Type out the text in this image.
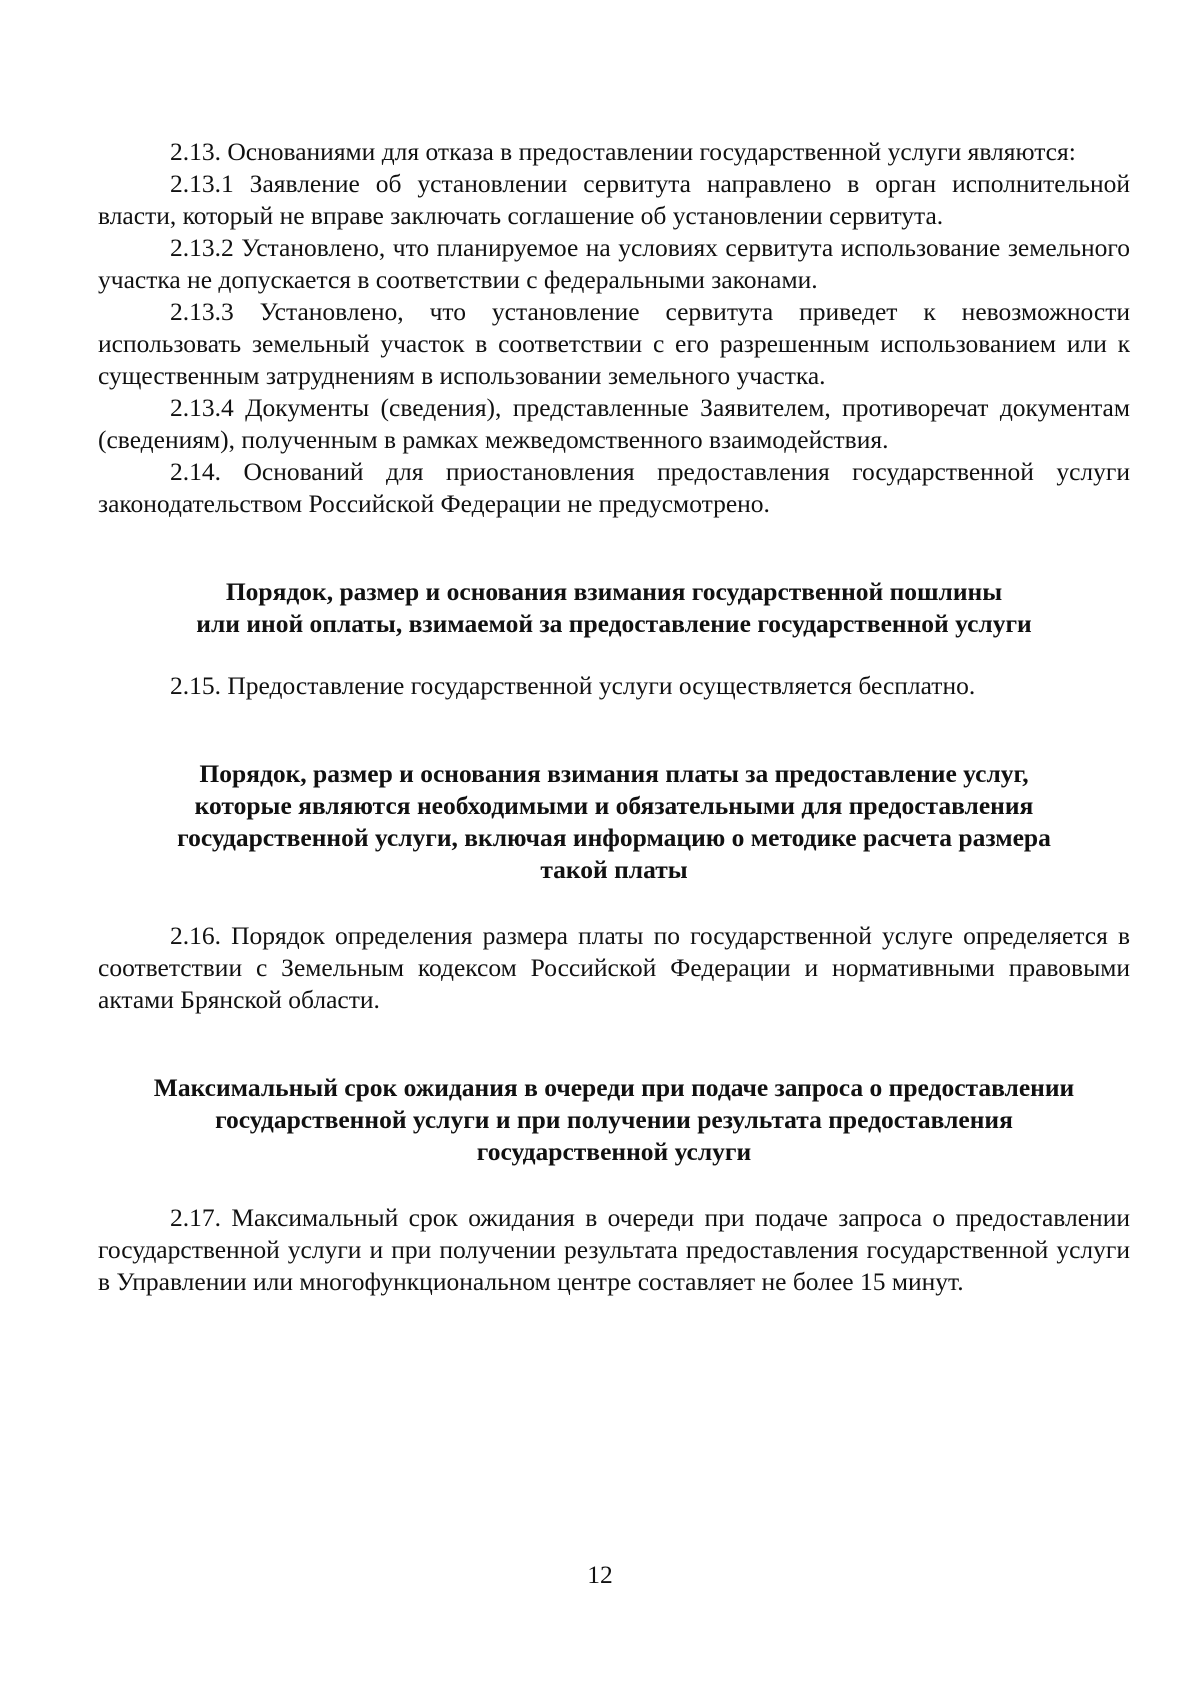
2.13. Основаниями для отказа в предоставлении государственной услуги являются:

2.13.1 Заявление об установлении сервитута направлено в орган исполнительной власти, который не вправе заключать соглашение об установлении сервитута.

2.13.2 Установлено, что планируемое на условиях сервитута использование земельного участка не допускается в соответствии с федеральными законами.

2.13.3 Установлено, что установление сервитута приведет к невозможности использовать земельный участок в соответствии с его разрешенным использованием или к существенным затруднениям в использовании земельного участка.

2.13.4 Документы (сведения), представленные Заявителем, противоречат документам (сведениям), полученным в рамках межведомственного взаимодействия.

2.14. Оснований для приостановления предоставления государственной услуги законодательством Российской Федерации не предусмотрено.

Порядок, размер и основания взимания государственной пошлины

или иной оплаты, взимаемой за предоставление государственной услуги

2.15. Предоставление государственной услуги осуществляется бесплатно.

Порядок, размер и основания взимания платы за предоставление услуг,

которые являются необходимыми и обязательными для предоставления

государственной услуги, включая информацию о методике расчета размера

такой платы

2.16. Порядок определения размера платы по государственной услуге определяется в соответствии с Земельным кодексом Российской Федерации и нормативными правовыми актами Брянской области.

Максимальный срок ожидания в очереди при подаче запроса о предоставлении

государственной услуги и при получении результата предоставления

государственной услуги

2.17. Максимальный срок ожидания в очереди при подаче запроса о предоставлении государственной услуги и при получении результата предоставления государственной услуги в Управлении или многофункциональном центре составляет не более 15 минут.

12
